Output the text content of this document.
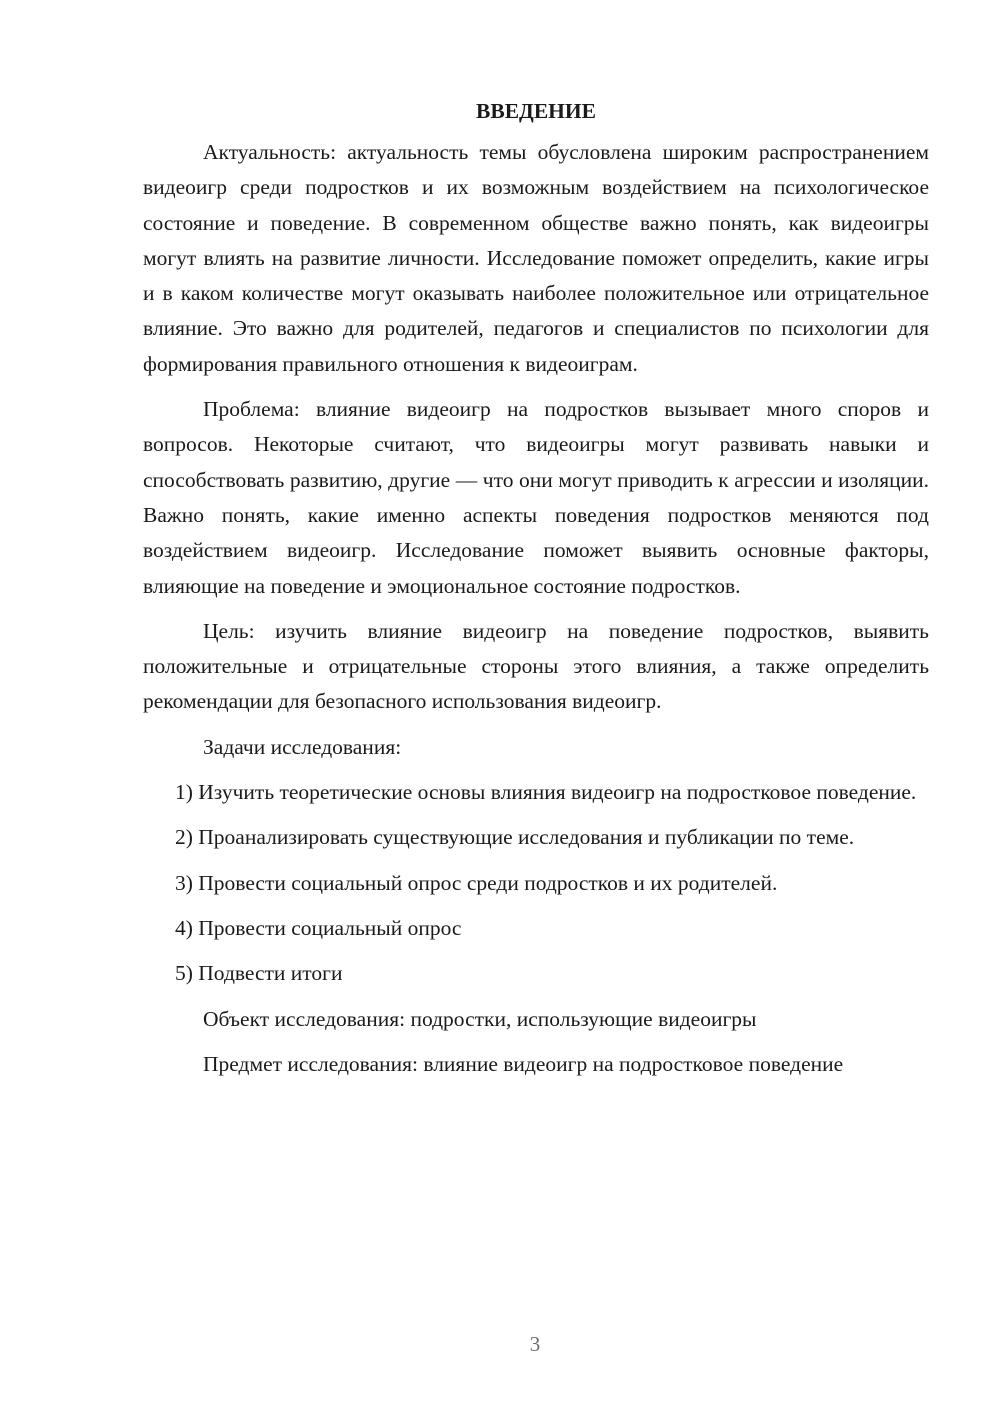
ВВЕДЕНИЕ

Актуальность: актуальность темы обусловлена широким распространением видеоигр среди подростков и их возможным воздействием на психологическое состояние и поведение. В современном обществе важно понять, как видеоигры могут влиять на развитие личности. Исследование поможет определить, какие игры и в каком количестве могут оказывать наиболее положительное или отрицательное влияние. Это важно для родителей, педагогов и специалистов по психологии для формирования правильного отношения к видеоиграм.

Проблема: влияние видеоигр на подростков вызывает много споров и вопросов. Некоторые считают, что видеоигры могут развивать навыки и способствовать развитию, другие — что они могут приводить к агрессии и изоляции. Важно понять, какие именно аспекты поведения подростков меняются под воздействием видеоигр. Исследование поможет выявить основные факторы, влияющие на поведение и эмоциональное состояние подростков.

Цель: изучить влияние видеоигр на поведение подростков, выявить положительные и отрицательные стороны этого влияния, а также определить рекомендации для безопасного использования видеоигр.

Задачи исследования:

1) Изучить теоретические основы влияния видеоигр на подростковое поведение.

2) Проанализировать существующие исследования и публикации по теме.

3) Провести социальный опрос среди подростков и их родителей.

4) Провести социальный опрос

5) Подвести итоги

Объект исследования: подростки, использующие видеоигры

Предмет исследования: влияние видеоигр на подростковое поведение

3
